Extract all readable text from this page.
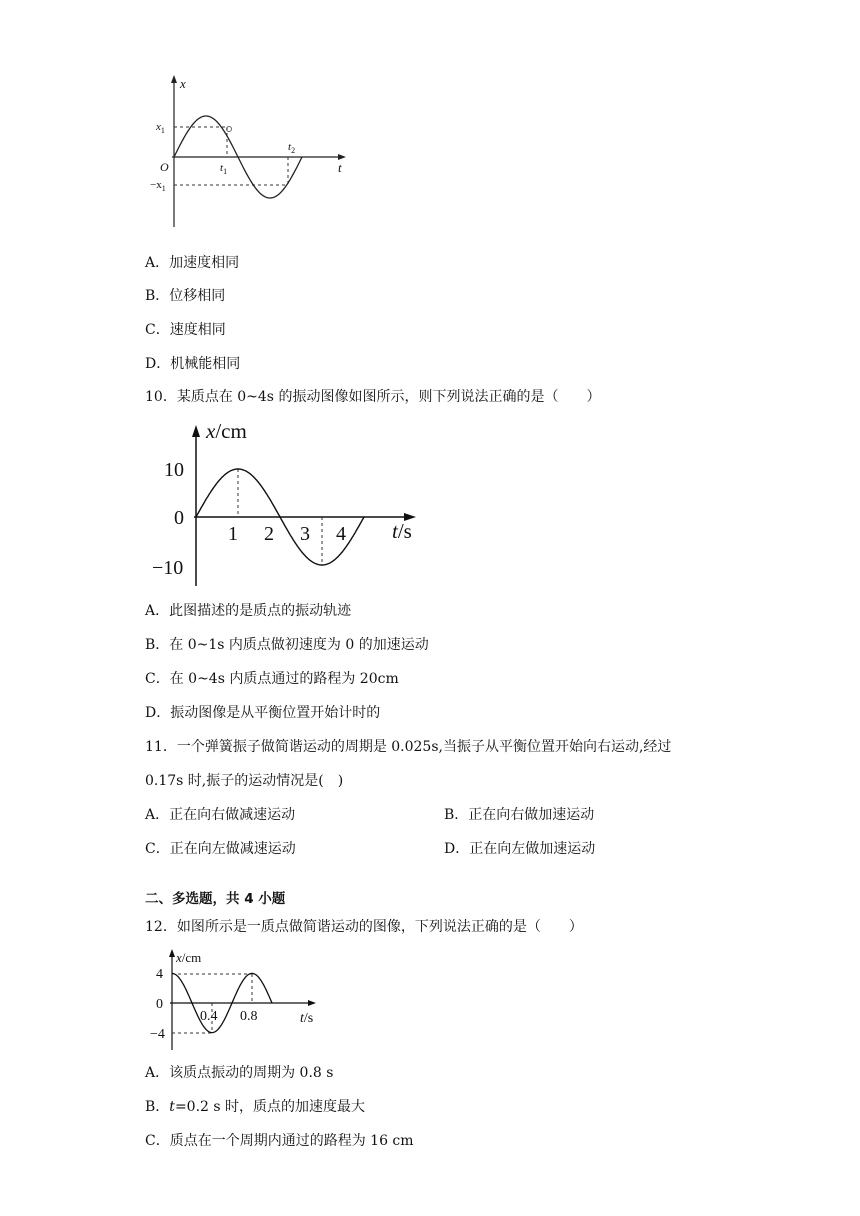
x
t
O
$x_1$
$-x_1$
$t_1$
$t_2$
A．加速度相同
B．位移相同
C．速度相同
D．机械能相同
10．某质点在 0~4s 的振动图像如图所示，则下列说法正确的是（　　）
x/cm
t/s
10
0
−10
1 2 3 4
A．此图描述的是质点的振动轨迹
B．在 0~1s 内质点做初速度为 0 的加速运动
C．在 0~4s 内质点通过的路程为 20cm
D．振动图像是从平衡位置开始计时的
11．一个弹簧振子做简谐运动的周期是 0.025s,当振子从平衡位置开始向右运动,经过
0.17s 时,振子的运动情况是(　)
A．正在向右做减速运动	B．正在向右做加速运动
C．正在向左做减速运动	D．正在向左做加速运动
二、多选题，共 4 小题
12．如图所示是一质点做简谐运动的图像，下列说法正确的是（　　）
x/cm
t/s
4
0
−4
0.4 0.8
A．该质点振动的周期为 0.8 s
B．t=0.2 s 时，质点的加速度最大
C．质点在一个周期内通过的路程为 16 cm
